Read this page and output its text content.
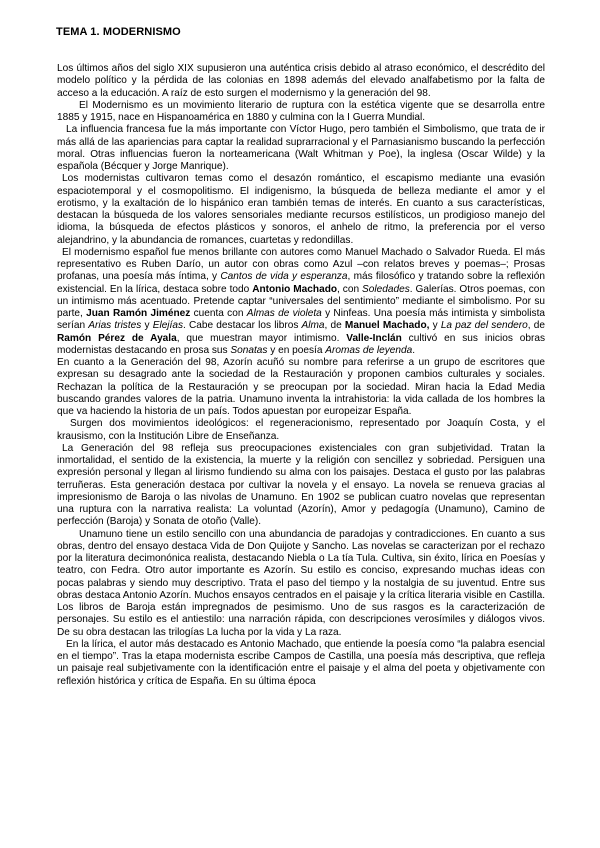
TEMA 1. MODERNISMO

Los últimos años del siglo XIX supusieron una auténtica crisis debido al atraso económico, el descrédito del modelo político y la pérdida de las colonias en 1898 además del elevado analfabetismo por la falta de acceso a la educación. A raíz de esto surgen el modernismo y la generación del 98.

El Modernismo es un movimiento literario de ruptura con la estética vigente que se desarrolla entre 1885 y 1915, nace en Hispanoamérica en 1880 y culmina con la I Guerra Mundial.

La influencia francesa fue la más importante con Víctor Hugo, pero también el Simbolismo, que trata de ir más allá de las apariencias para captar la realidad suprarracional y el Parnasianismo buscando la perfección moral. Otras influencias fueron la norteamericana (Walt Whitman y Poe), la inglesa (Oscar Wilde) y la española (Bécquer y Jorge Manrique).

Los modernistas cultivaron temas como el desazón romántico, el escapismo mediante una evasión espaciotemporal y el cosmopolitismo. El indigenismo, la búsqueda de belleza mediante el amor y el erotismo, y la exaltación de lo hispánico eran también temas de interés. En cuanto a sus características, destacan la búsqueda de los valores sensoriales mediante recursos estilísticos, un prodigioso manejo del idioma, la búsqueda de efectos plásticos y sonoros, el anhelo de ritmo, la preferencia por el verso alejandrino, y la abundancia de romances, cuartetas y redondillas.

El modernismo español fue menos brillante con autores como Manuel Machado o Salvador Rueda. El más representativo es Ruben Darío, un autor con obras como Azul –con relatos breves y poemas–; Prosas profanas, una poesía más íntima, y Cantos de vida y esperanza, más filosófico y tratando sobre la reflexión existencial. En la lírica, destaca sobre todo Antonio Machado, con Soledades. Galerías. Otros poemas, con un intimismo más acentuado. Pretende captar “universales del sentimiento” mediante el simbolismo. Por su parte, Juan Ramón Jiménez cuenta con Almas de violeta y Ninfeas. Una poesía más intimista y simbolista serían Arias tristes y Elejías. Cabe destacar los libros Alma, de Manuel Machado, y La paz del sendero, de Ramón Pérez de Ayala, que muestran mayor intimismo. Valle-Inclán cultivó en sus inicios obras modernistas destacando en prosa sus Sonatas y en poesía Aromas de leyenda.

En cuanto a la Generación del 98, Azorín acuñó su nombre para referirse a un grupo de escritores que expresan su desagrado ante la sociedad de la Restauración y proponen cambios culturales y sociales. Rechazan la política de la Restauración y se preocupan por la sociedad. Miran hacia la Edad Media buscando grandes valores de la patria. Unamuno inventa la intrahistoria: la vida callada de los hombres la que va haciendo la historia de un país. Todos apuestan por europeizar España.

Surgen dos movimientos ideológicos: el regeneracionismo, representado por Joaquín Costa, y el krausismo, con la Institución Libre de Enseñanza.

La Generación del 98 refleja sus preocupaciones existenciales con gran subjetividad. Tratan la inmortalidad, el sentido de la existencia, la muerte y la religión con sencillez y sobriedad. Persiguen una expresión personal y llegan al lirismo fundiendo su alma con los paisajes. Destaca el gusto por las palabras terruñeras. Esta generación destaca por cultivar la novela y el ensayo. La novela se renueva gracias al impresionismo de Baroja o las nivolas de Unamuno. En 1902 se publican cuatro novelas que representan una ruptura con la narrativa realista: La voluntad (Azorín), Amor y pedagogía (Unamuno), Camino de perfección (Baroja) y Sonata de otoño (Valle).

Unamuno tiene un estilo sencillo con una abundancia de paradojas y contradicciones. En cuanto a sus obras, dentro del ensayo destaca Vida de Don Quijote y Sancho. Las novelas se caracterizan por el rechazo por la literatura decimonónica realista, destacando Niebla o La tía Tula. Cultiva, sin éxito, lírica en Poesías y teatro, con Fedra. Otro autor importante es Azorín. Su estilo es conciso, expresando muchas ideas con pocas palabras y siendo muy descriptivo. Trata el paso del tiempo y la nostalgia de su juventud. Entre sus obras destaca Antonio Azorín. Muchos ensayos centrados en el paisaje y la crítica literaria visible en Castilla. Los libros de Baroja están impregnados de pesimismo. Uno de sus rasgos es la caracterización de personajes. Su estilo es el antiestilo: una narración rápida, con descripciones verosímiles y diálogos vivos. De su obra destacan las trilogías La lucha por la vida y La raza.

En la lírica, el autor más destacado es Antonio Machado, que entiende la poesía como “la palabra esencial en el tiempo”. Tras la etapa modernista escribe Campos de Castilla, una poesía más descriptiva, que refleja un paisaje real subjetivamente con la identificación entre el paisaje y el alma del poeta y objetivamente con reflexión histórica y crítica de España. En su última época
